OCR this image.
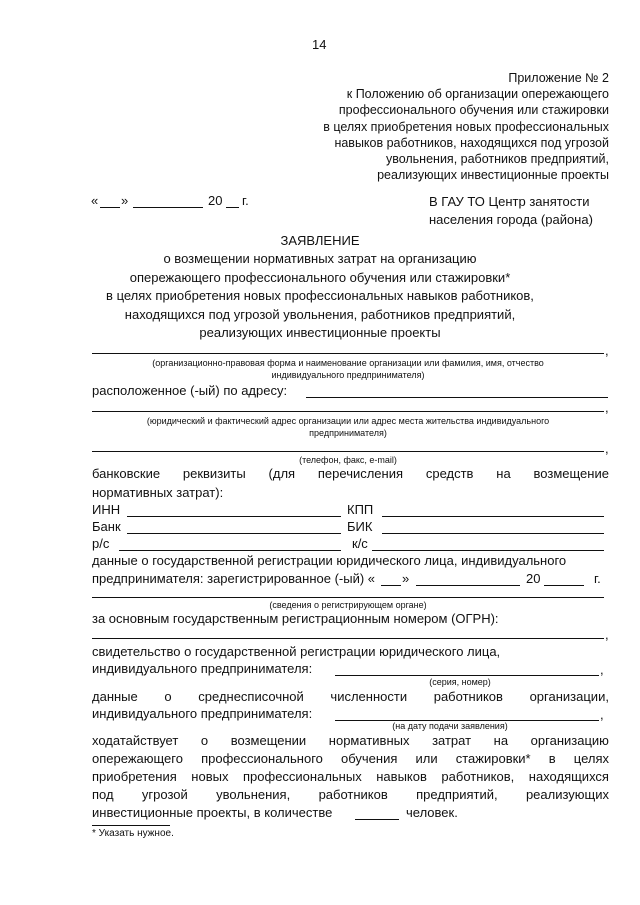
14
Приложение № 2
к Положению об организации опережающего
профессионального обучения или стажировки
в целях приобретения новых профессиональных
навыков работников, находящихся под угрозой
увольнения, работников предприятий,
реализующих инвестиционные проекты
« »	20 г.	В ГАУ ТО Центр занятости
населения города (района)
ЗАЯВЛЕНИЕ
о возмещении нормативных затрат на организацию
опережающего профессионального обучения или стажировки*
в целях приобретения новых профессиональных навыков работников,
находящихся под угрозой увольнения, работников предприятий,
реализующих инвестиционные проекты
,
(организационно-правовая форма и наименование организации или фамилия, имя, отчество
индивидуального предпринимателя)
расположенное (-ый) по адресу:
,
(юридический и фактический адрес организации или адрес места жительства индивидуального
предпринимателя)
,
(телефон, факс, e-mail)
банковские реквизиты (для перечисления средств на возмещение
нормативных затрат):
ИНН	КПП
Банк	БИК
р/с	к/с
данные о государственной регистрации юридического лица, индивидуального
предпринимателя: зарегистрированное (-ый) « »	20	г.
(сведения о регистрирующем органе)
за основным государственным регистрационным номером (ОГРН):
,
свидетельство о государственной регистрации юридического лица,
индивидуального предпринимателя:	,
(серия, номер)
данные о среднесписочной численности работников организации,
индивидуального предпринимателя:	,
(на дату подачи заявления)
ходатайствует о возмещении нормативных затрат на организацию
опережающего профессионального обучения или стажировки* в целях
приобретения новых профессиональных навыков работников, находящихся
под угрозой увольнения, работников предприятий, реализующих
инвестиционные проекты, в количестве	человек.
* Указать нужное.
